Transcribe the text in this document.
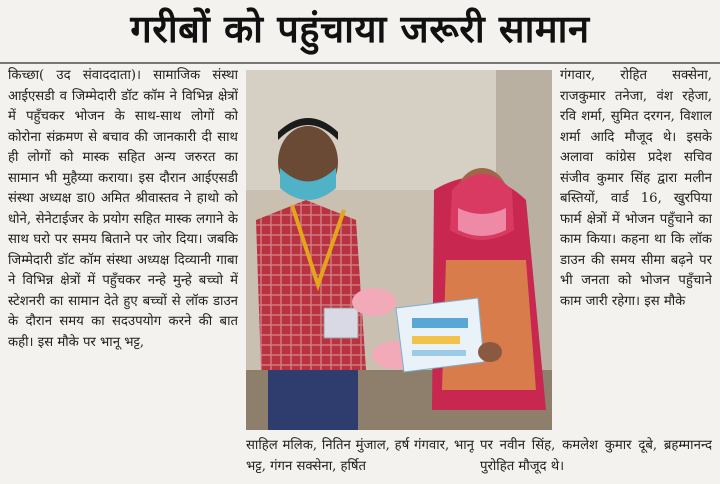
गरीबों को पहुंचाया जरूरी सामान

किच्छा( उद संवाददाता)। सामाजिक संस्था आईएसडी व जिम्मेदारी डॉट कॉम ने विभिन्न क्षेत्रों में पहुँचकर भोजन के साथ-साथ लोगों को कोरोना संक्रमण से बचाव की जानकारी दी साथ ही लोगों को मास्क सहित अन्य जरुरत का सामान भी मुहैय्या कराया। इस दौरान आईएसडी संस्था अध्यक्ष डा0 अमित श्रीवास्तव ने हाथो को धोने, सेनेटाईजर के प्रयोग सहित मास्क लगाने के साथ घरो पर समय बिताने पर जोर दिया। जबकि जिम्मेदारी डॉट कॉम संस्था अध्यक्ष दिव्यानी गाबा ने विभिन्न क्षेत्रों में पहुँचकर नन्हे मुन्हे बच्चो में स्टेशनरी का सामान देते हुए बच्चों से लॉक डाउन के दौरान समय का सदउपयोग करने की बात कही। इस मौके पर भानू भट्ट,

साहिल मलिक, नितिन मुंजाल, हर्ष गंगवार, भानू भट्ट, गंगन सक्सेना, हर्षित

गंगवार, रोहित सक्सेना, राजकुमार तनेजा, वंश रहेजा, रवि शर्मा, सुमित दरगन, विशाल शर्मा आदि मौजूद थे। इसके अलावा कांग्रेस प्रदेश सचिव संजीव कुमार सिंह द्वारा मलीन बस्तियों, वार्ड 16, खुरपिया फार्म क्षेत्रों में भोजन पहुँचाने का काम किया। कहना था कि लॉक डाउन की समय सीमा बढ़ने पर भी जनता को भोजन पहुँचाने काम जारी रहेगा। इस मौके

पर नवीन सिंह, कमलेश कुमार दूबे, ब्रहम्मानन्द पुरोहित मौजूद थे।
